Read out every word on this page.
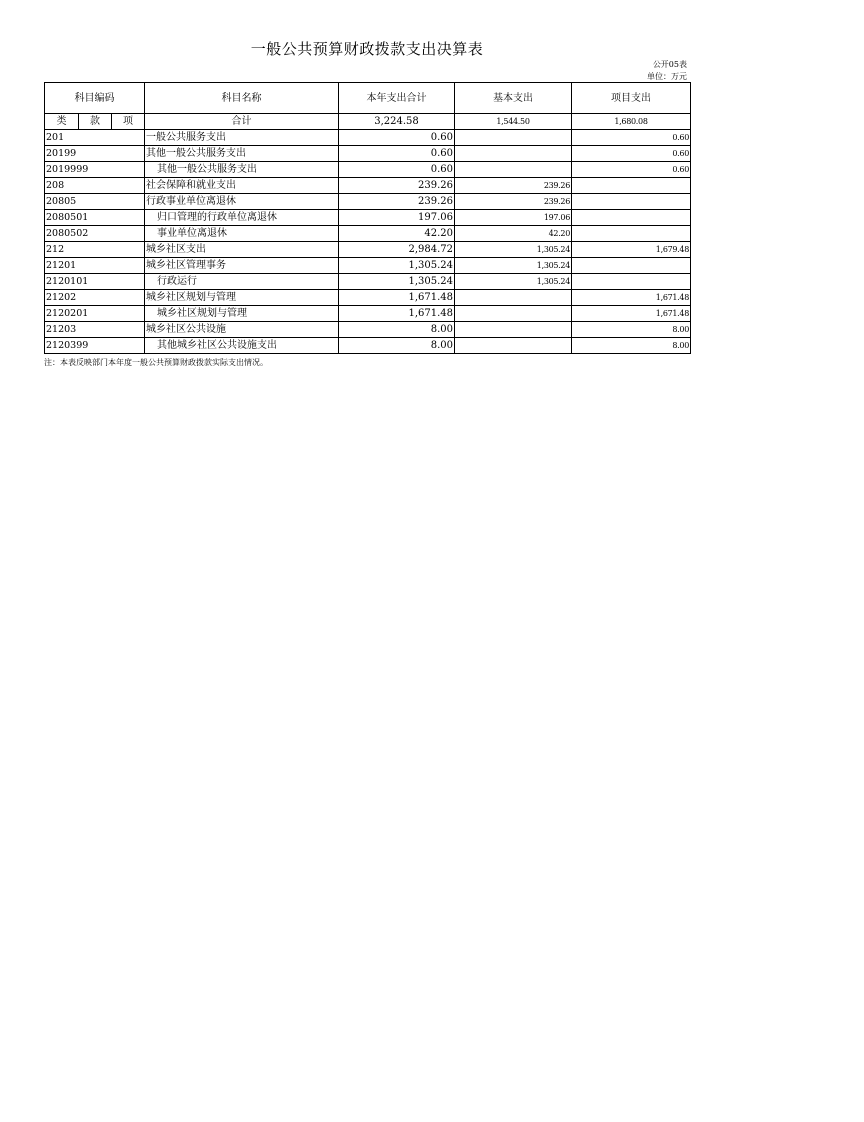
一般公共预算财政拨款支出决算表
公开05表
单位：万元
科目编码			科目名称	本年支出合计	基本支出	项目支出
类	款	项	合计	3,224.58	1,544.50	1,680.08
201			一般公共服务支出	0.60		0.60
20199			其他一般公共服务支出	0.60		0.60
2019999			其他一般公共服务支出	0.60		0.60
208			社会保障和就业支出	239.26	239.26	
20805			行政事业单位离退休	239.26	239.26	
2080501			归口管理的行政单位离退休	197.06	197.06	
2080502			事业单位离退休	42.20	42.20	
212			城乡社区支出	2,984.72	1,305.24	1,679.48
21201			城乡社区管理事务	1,305.24	1,305.24	
2120101			行政运行	1,305.24	1,305.24	
21202			城乡社区规划与管理	1,671.48		1,671.48
2120201			城乡社区规划与管理	1,671.48		1,671.48
21203			城乡社区公共设施	8.00		8.00
2120399			其他城乡社区公共设施支出	8.00		8.00
注：本表反映部门本年度一般公共预算财政拨款实际支出情况。
